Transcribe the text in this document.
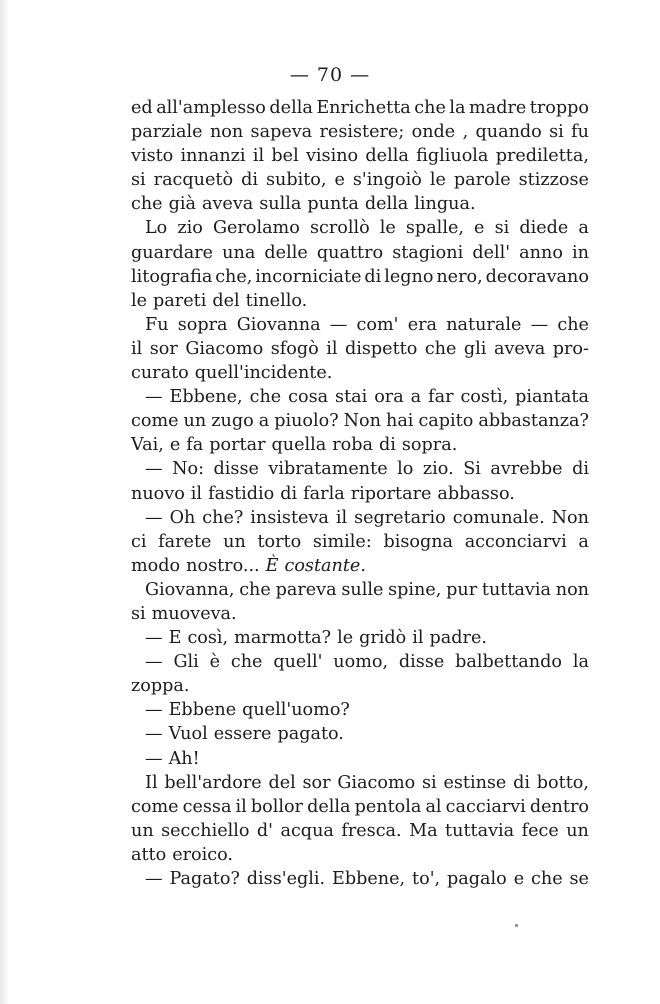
— 70 —
ed all'amplesso della Enrichetta che la madre troppo
parziale non sapeva resistere; onde , quando si fu
visto innanzi il bel visino della figliuola prediletta,
si racquetò di subito, e s'ingoiò le parole stizzose
che già aveva sulla punta della lingua.
Lo zio Gerolamo scrollò le spalle, e si diede a
guardare una delle quattro stagioni dell' anno in
litografia che, incorniciate di legno nero, decoravano
le pareti del tinello.
Fu sopra Giovanna — com' era naturale — che
il sor Giacomo sfogò il dispetto che gli aveva pro-
curato quell'incidente.
— Ebbene, che cosa stai ora a far costì, piantata
come un zugo a piuolo? Non hai capito abbastanza?
Vai, e fa portar quella roba di sopra.
— No: disse vibratamente lo zio. Si avrebbe di
nuovo il fastidio di farla riportare abbasso.
— Oh che? insisteva il segretario comunale. Non
ci farete un torto simile: bisogna acconciarvi a
modo nostro... È costante.
Giovanna, che pareva sulle spine, pur tuttavia non
si muoveva.
— E così, marmotta? le gridò il padre.
— Gli è che quell' uomo, disse balbettando la
zoppa.
— Ebbene quell'uomo?
— Vuol essere pagato.
— Ah!
Il bell'ardore del sor Giacomo si estinse di botto,
come cessa il bollor della pentola al cacciarvi dentro
un secchiello d' acqua fresca. Ma tuttavia fece un
atto eroico.
— Pagato? diss'egli. Ebbene, to', pagalo e che se
